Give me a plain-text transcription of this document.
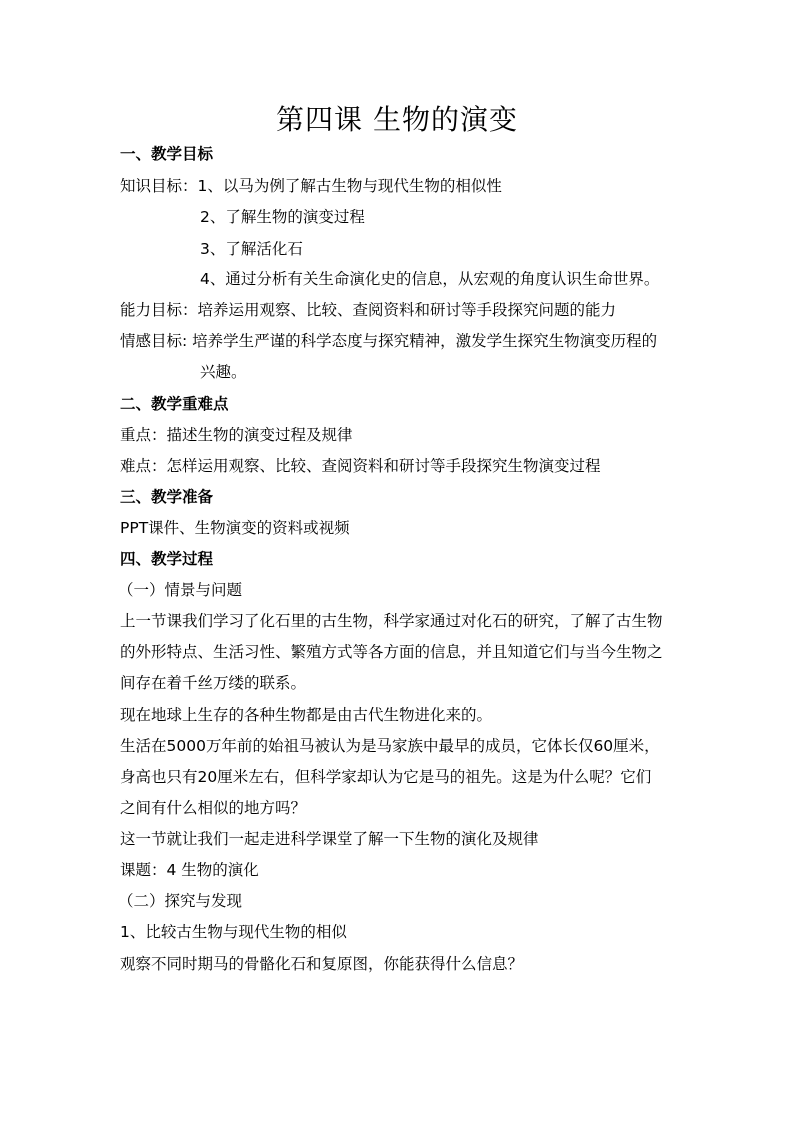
第四课 生物的演变
一、教学目标
知识目标：1、以马为例了解古生物与现代生物的相似性
2、了解生物的演变过程
3、了解活化石
4、通过分析有关生命演化史的信息，从宏观的角度认识生命世界。
能力目标：培养运用观察、比较、查阅资料和研讨等手段探究问题的能力
情感目标: 培养学生严谨的科学态度与探究精神，激发学生探究生物演变历程的
兴趣。
二、教学重难点
重点：描述生物的演变过程及规律
难点：怎样运用观察、比较、查阅资料和研讨等手段探究生物演变过程
三、教学准备
PPT课件、生物演变的资料或视频
四、教学过程
（一）情景与问题
上一节课我们学习了化石里的古生物，科学家通过对化石的研究，了解了古生物
的外形特点、生活习性、繁殖方式等各方面的信息，并且知道它们与当今生物之
间存在着千丝万缕的联系。
现在地球上生存的各种生物都是由古代生物进化来的。
生活在5000万年前的始祖马被认为是马家族中最早的成员，它体长仅60厘米，
身高也只有20厘米左右，但科学家却认为它是马的祖先。这是为什么呢？它们
之间有什么相似的地方吗？
这一节就让我们一起走进科学课堂了解一下生物的演化及规律
课题：4 生物的演化
（二）探究与发现
1、比较古生物与现代生物的相似
观察不同时期马的骨骼化石和复原图，你能获得什么信息？
